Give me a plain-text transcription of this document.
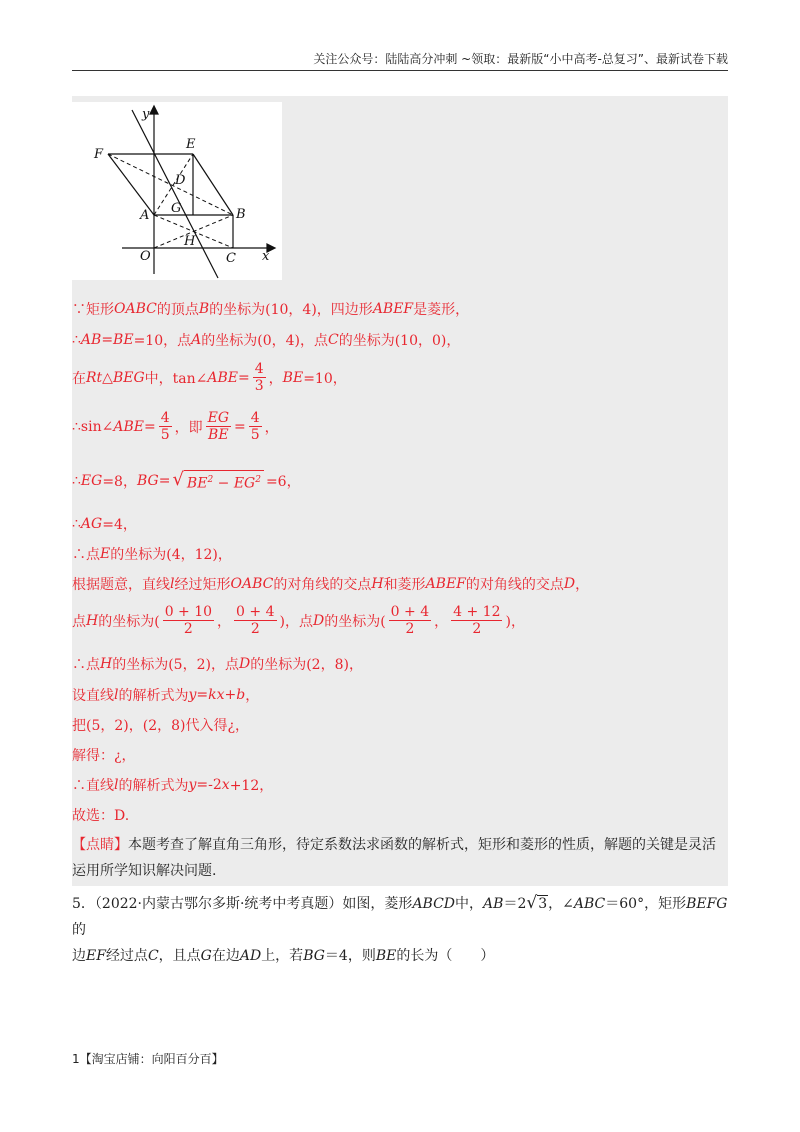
关注公众号：陆陆高分冲刺 ~领取：最新版“小中高考-总复习”、最新试卷下载
F
E
D
A G	B
H
O	C x
y
∵矩形 OABC 的顶点 B 的坐标为(10，4)，四边形 ABEF 是菱形，
∴ AB=BE =10，点 A 的坐标为(0，4)，点 C 的坐标为(10，0)，
在 Rt △ BEG 中，tan∠ ABE = $\frac{4}{3}$ ， BE =10，
∴sin∠ ABE = $\frac{4}{5}$ ，即 $\frac{EG}{BE} = \frac{4}{5}$ ，
∴ EG =8， BG = √ $BE^2 - EG^2 =6$，
∴ AG =4，
∴点 E 的坐标为(4，12)，
根据题意，直线 l 经过矩形 OABC 的对角线的交点 H 和菱形 ABEF 的对角线的交点 D ，
点 H 的坐标为( $\frac{0 + 10}{2}$ ， $\frac{0 + 4}{2}$ )，点 D 的坐标为( $\frac{0 + 4}{2}$ ， $\frac{4 + 12}{2}$ )，
∴点 H 的坐标为(5，2)，点 D 的坐标为(2，8)，
设直线 l 的解析式为 y=kx+b ，
把(5，2)，(2，8)代入得¿，
解得：¿，
∴直线 l 的解析式为 y =-2 x +12，
故选：D.
【点睛】本题考查了解直角三角形，待定系数法求函数的解析式，矩形和菱形的性质，解题的关键是灵活运用所学知识解决问题.
5．（2022·内蒙古鄂尔多斯·统考中考真题）如图，菱形ABCD中，AB＝2√3，∠ABC＝60°，矩形BEFG的
边EF经过点C，且点G在边AD上，若BG＝4，则BE的长为（　　）
1【淘宝店铺：向阳百分百】
